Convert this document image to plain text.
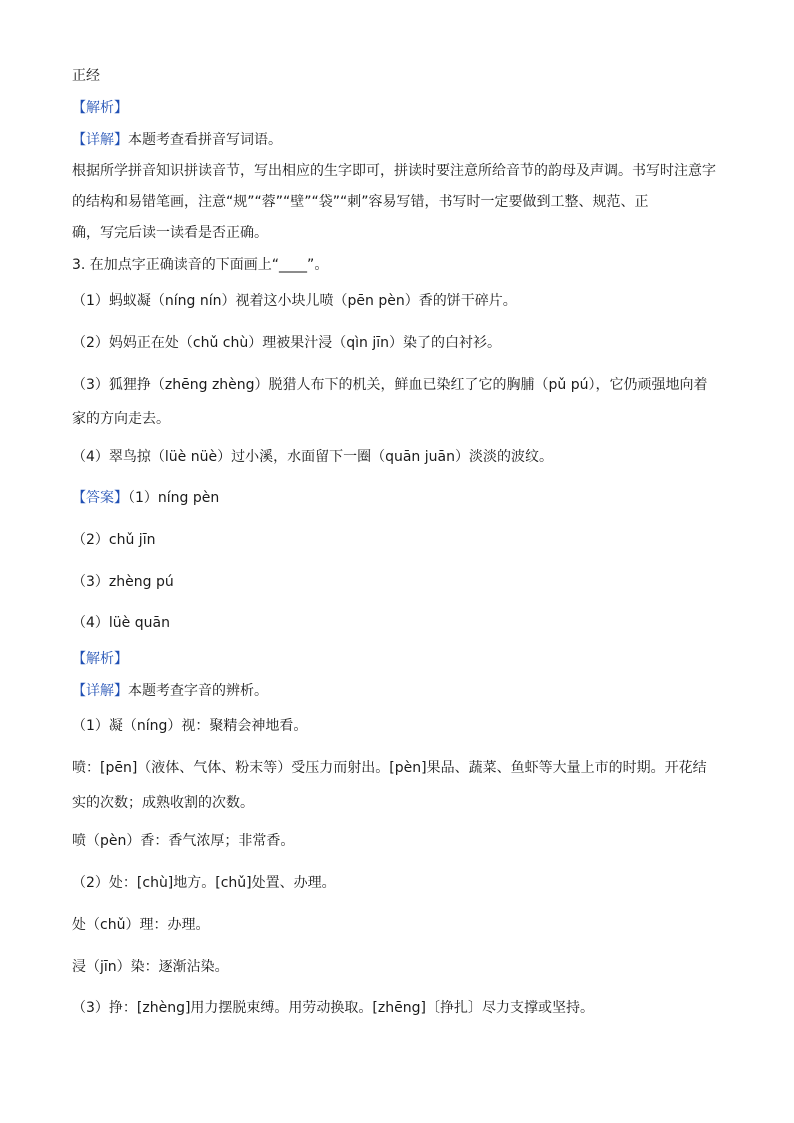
正经
【解析】
【详解】本题考查看拼音写词语。
根据所学拼音知识拼读音节，写出相应的生字即可，拼读时要注意所给音节的韵母及声调。书写时注意字
的结构和易错笔画，注意“规”“蓉”“壁”“袋”“刺”容易写错，书写时一定要做到工整、规范、正
确，写完后读一读看是否正确。
3. 在加点字正确读音的下面画上“____”。
（1）蚂蚁凝（níng nín）视着这小块儿喷（pēn pèn）香的饼干碎片。
（2）妈妈正在处（chǔ chù）理被果汁浸（qìn jīn）染了的白衬衫。
（3）狐狸挣（zhēng zhèng）脱猎人布下的机关，鲜血已染红了它的胸脯（pǔ pú），它仍顽强地向着
家的方向走去。
（4）翠鸟掠（lüè nüè）过小溪，水面留下一圈（quān juān）淡淡的波纹。
【答案】（1）níng pèn
（2）chǔ jīn
（3）zhèng pú
（4）lüè quān
【解析】
【详解】本题考查字音的辨析。
（1）凝（níng）视：聚精会神地看。
喷：[pēn]（液体、气体、粉末等）受压力而射出。[pèn]果品、蔬菜、鱼虾等大量上市的时期。开花结
实的次数；成熟收割的次数。
喷（pèn）香：香气浓厚；非常香。
（2）处：[chù]地方。[chǔ]处置、办理。
处（chǔ）理：办理。
浸（jīn）染：逐渐沾染。
（3）挣：[zhèng]用力摆脱束缚。用劳动换取。[zhēng]〔挣扎〕尽力支撑或坚持。
